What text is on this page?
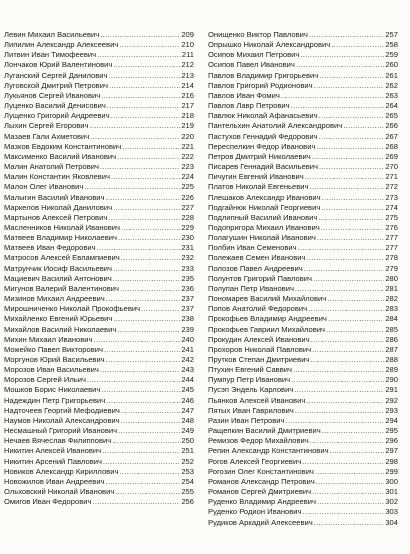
Левин Михаил Васильевич .....	209
Липилин Александр Алексеевич .....	210
Литвин Иван Тимофеевич .....	211
Лончаков Юрий Валентинович .....	212
Луганский Сергей Данилович .....	213
Луговской Дмитрий Петрович .....	214
Лукьянов Сергей Иванович .....	216
Луценко Василий Денисович .....	217
Лущенко Григорий Андреевич .....	218
Лыхин Сергей Егорович .....	219
Мазаев Гали Ахметович .....	220
Мазков Евдоким Константинович .....	221
Максименко Василий Иванович .....	222
Малин Анатолий Петрович .....	223
Малин Константин Яковлевич .....	224
Малон Олег Иванович .....	225
Малыгин Василий Иванович .....	226
Маркелов Николай Данилович .....	227
Мартынов Алексей Петрович .....	228
Масленников Николай Иванович .....	229
Матвеев Владимир Николаевич .....	230
Матвеев Иван Федорович .....	231
Матросов Алексей Евлампиевич .....	232
Матрунчик Иосиф Васильевич .....	233
Мациевич Василий Антонович .....	235
Мигунов Валерий Валентинович .....	236
Мизинов Михаил Андреевич .....	237
Мирошниченко Николай Прокофьевич .....	237
Михайленко Евгений Юрьевич .....	238
Михайлов Василий Николаевич .....	239
Михин Михаил Иванович .....	240
Можейко Павел Викторович .....	241
Моргунов Юрий Васильевич .....	242
Морозов Иван Васильевич .....	243
Морозов Сергей Ильич .....	244
Мошков Борис Николаевич .....	245
Надеждин Петр Григорьевич .....	246
Надточеев Георгий Мефодиевич .....	247
Наумов Николай Александрович .....	248
Несмашный Григорий Иванович .....	249
Нечаев Вячеслав Филиппович .....	250
Никитин Алексей Иванович .....	251
Никитин Арсений Павлович .....	252
Новиков Александр Кириллович .....	253
Новожилов Иван Андреевич .....	254
Ольховский Николай Иванович .....	255
Омигов Иван Федорович .....	256
Онищенко Виктор Павлович .....	257
Опрышко Николай Александрович .....	258
Осипов Михаил Петрович .....	259
Осипов Павел Иванович .....	260
Павлов Владимир Григорьевич .....	261
Павлов Григорий Родионович .....	262
Павлов Иван Фомич .....	263
Павлов Лавр Петрович .....	264
Павлюк Николай Афанасьевич .....	265
Пантельхин Анатолий Александрович .....	266
Пастухов Геннадий Федорович .....	267
Переспелкин Федор Иванович .....	268
Петров Дмитрий Николаевич .....	269
Писарев Геннадий Васильевич .....	270
Пичугин Евгений Иванович .....	271
Платов Николай Евгеньевич .....	272
Плешаков Александр Иванович .....	273
Подгайнюк Николай Георгиевич .....	274
Подлипный Василий Иванович .....	275
Подопригора Михаил Иванович .....	276
Полагушин Николай Иванович .....	277
Полбин Иван Семенович .....	277
Полежаев Семен Иванович .....	278
Полозов Павел Андреевич .....	279
Полунтов Григорий Павлович .....	280
Полупан Петр Иванович .....	281
Пономарев Василий Михайлович .....	282
Попов Анатолий Федорович .....	283
Прокофьев Владимир Андреевич .....	284
Прокофьев Гавриил Михайлович .....	285
Прокудин Алексей Иванович .....	286
Прохоров Николай Павлович .....	287
Прутков Степан Дмитриевич .....	288
Птухин Евгений Саввич .....	289
Пумпур Петр Иванович .....	290
Пусэп Эндель Карлович .....	291
Пьянков Алексей Иванович .....	292
Пятых Иван Гаврилович .....	293
Разин Иван Петрович .....	294
Ращепкин Василий Дмитриевич .....	295
Ремизов Федор Михайлович .....	296
Репин Александр Константинович .....	297
Рогов Алексей Георгиевич .....	298
Рогозин Олег Константинович .....	299
Романов Александр Петрович .....	300
Романов Сергей Дмитриевич .....	301
Руденко Владимир Андреевич .....	302
Руденко Родион Иванович .....	303
Рудиков Аркадий Алексеевич .....	304
